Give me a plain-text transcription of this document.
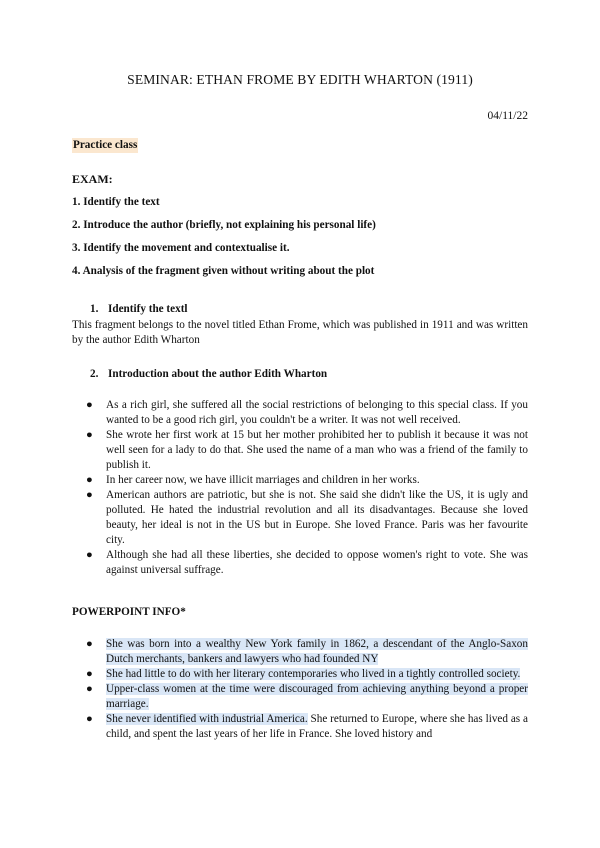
SEMINAR: ETHAN FROME BY EDITH WHARTON (1911)
04/11/22
Practice class
EXAM:
1. Identify the text
2. Introduce the author (briefly, not explaining his personal life)
3. Identify the movement and contextualise it.
4. Analysis of the fragment given without writing about the plot
1. Identify the textl
This fragment belongs to the novel titled Ethan Frome, which was published in 1911 and was written by the author Edith Wharton
2. Introduction about the author Edith Wharton
● As a rich girl, she suffered all the social restrictions of belonging to this special class. If you wanted to be a good rich girl, you couldn't be a writer. It was not well received.
● She wrote her first work at 15 but her mother prohibited her to publish it because it was not well seen for a lady to do that. She used the name of a man who was a friend of the family to publish it.
● In her career now, we have illicit marriages and children in her works.
● American authors are patriotic, but she is not. She said she didn't like the US, it is ugly and polluted. He hated the industrial revolution and all its disadvantages. Because she loved beauty, her ideal is not in the US but in Europe. She loved France. Paris was her favourite city.
● Although she had all these liberties, she decided to oppose women's right to vote. She was against universal suffrage.
POWERPOINT INFO*
● She was born into a wealthy New York family in 1862, a descendant of the Anglo-Saxon Dutch merchants, bankers and lawyers who had founded NY
● She had little to do with her literary contemporaries who lived in a tightly controlled society.
● Upper-class women at the time were discouraged from achieving anything beyond a proper marriage.
● She never identified with industrial America. She returned to Europe, where she has lived as a child, and spent the last years of her life in France. She loved history and
